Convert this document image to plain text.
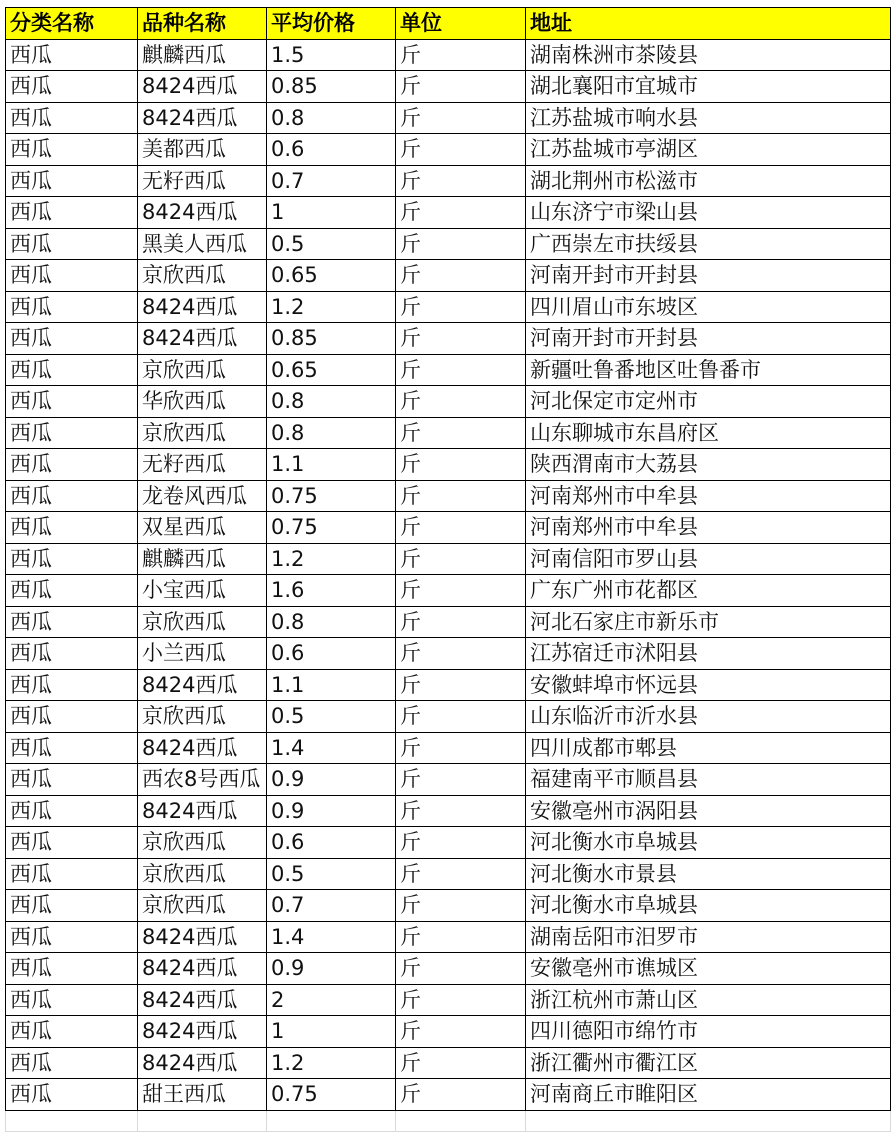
分类名称	品种名称	平均价格	单位	地址
西瓜	麒麟西瓜	1.5	斤	湖南株洲市茶陵县
西瓜	8424西瓜	0.85	斤	湖北襄阳市宜城市
西瓜	8424西瓜	0.8	斤	江苏盐城市响水县
西瓜	美都西瓜	0.6	斤	江苏盐城市亭湖区
西瓜	无籽西瓜	0.7	斤	湖北荆州市松滋市
西瓜	8424西瓜	1	斤	山东济宁市梁山县
西瓜	黑美人西瓜	0.5	斤	广西崇左市扶绥县
西瓜	京欣西瓜	0.65	斤	河南开封市开封县
西瓜	8424西瓜	1.2	斤	四川眉山市东坡区
西瓜	8424西瓜	0.85	斤	河南开封市开封县
西瓜	京欣西瓜	0.65	斤	新疆吐鲁番地区吐鲁番市
西瓜	华欣西瓜	0.8	斤	河北保定市定州市
西瓜	京欣西瓜	0.8	斤	山东聊城市东昌府区
西瓜	无籽西瓜	1.1	斤	陕西渭南市大荔县
西瓜	龙卷风西瓜	0.75	斤	河南郑州市中牟县
西瓜	双星西瓜	0.75	斤	河南郑州市中牟县
西瓜	麒麟西瓜	1.2	斤	河南信阳市罗山县
西瓜	小宝西瓜	1.6	斤	广东广州市花都区
西瓜	京欣西瓜	0.8	斤	河北石家庄市新乐市
西瓜	小兰西瓜	0.6	斤	江苏宿迁市沭阳县
西瓜	8424西瓜	1.1	斤	安徽蚌埠市怀远县
西瓜	京欣西瓜	0.5	斤	山东临沂市沂水县
西瓜	8424西瓜	1.4	斤	四川成都市郫县
西瓜	西农8号西瓜	0.9	斤	福建南平市顺昌县
西瓜	8424西瓜	0.9	斤	安徽亳州市涡阳县
西瓜	京欣西瓜	0.6	斤	河北衡水市阜城县
西瓜	京欣西瓜	0.5	斤	河北衡水市景县
西瓜	京欣西瓜	0.7	斤	河北衡水市阜城县
西瓜	8424西瓜	1.4	斤	湖南岳阳市汨罗市
西瓜	8424西瓜	0.9	斤	安徽亳州市谯城区
西瓜	8424西瓜	2	斤	浙江杭州市萧山区
西瓜	8424西瓜	1	斤	四川德阳市绵竹市
西瓜	8424西瓜	1.2	斤	浙江衢州市衢江区
西瓜	甜王西瓜	0.75	斤	河南商丘市睢阳区
